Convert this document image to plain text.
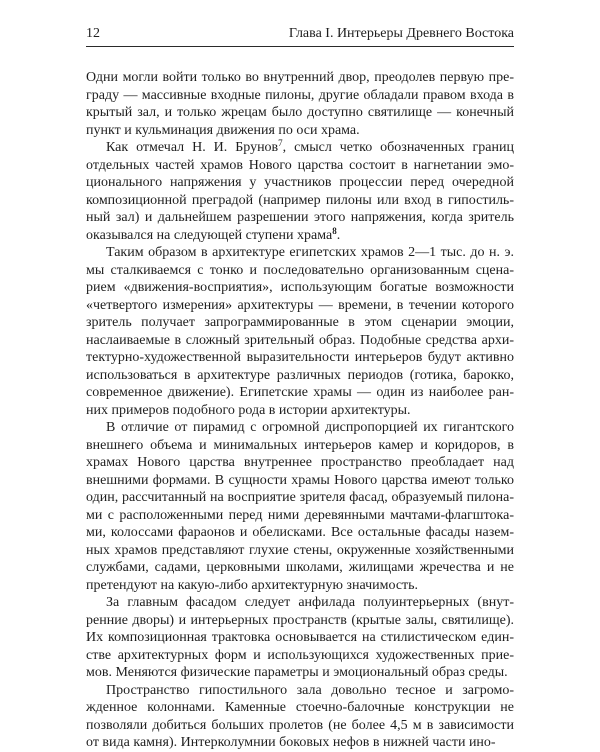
12	Глава I. Интерьеры Древнего Востока

Одни могли войти только во внутренний двор, преодолев первую преграду — массивные входные пилоны, другие обладали правом входа в крытый зал, и только жрецам было доступно святилище — конечный пункт и кульминация движения по оси храма.

Как отмечал Н. И. Брунов$^7$, смысл четко обозначенных границ отдельных частей храмов Нового царства состоит в нагнетании эмоционального напряжения у участников процессии перед очередной композиционной преградой (например пилоны или вход в гипостильный зал) и дальнейшем разрешении этого напряжения, когда зритель оказывался на следующей ступени храма$^8$.

Таким образом в архитектуре египетских храмов 2—1 тыс. до н. э. мы сталкиваемся с тонко и последовательно организованным сценарием «движения-восприятия», использующим богатые возможности «четвертого измерения» архитектуры — времени, в течении которого зритель получает запрограммированные в этом сценарии эмоции, наслаиваемые в сложный зрительный образ. Подобные средства архитектурно-художественной выразительности интерьеров будут активно использоваться в архитектуре различных периодов (готика, барокко, современное движение). Египетские храмы — один из наиболее ранних примеров подобного рода в истории архитектуры.

В отличие от пирамид с огромной диспропорцией их гигантского внешнего объема и минимальных интерьеров камер и коридоров, в храмах Нового царства внутреннее пространство преобладает над внешними формами. В сущности храмы Нового царства имеют только один, рассчитанный на восприятие зрителя фасад, образуемый пилонами с расположенными перед ними деревянными мачтами-флагштоками, колоссами фараонов и обелисками. Все остальные фасады наземных храмов представляют глухие стены, окруженные хозяйственными службами, садами, церковными школами, жилищами жречества и не претендуют на какую-либо архитектурную значимость.

За главным фасадом следует анфилада полуинтерьерных (внутренние дворы) и интерьерных пространств (крытые залы, святилище). Их композиционная трактовка основывается на стилистическом единстве архитектурных форм и использующихся художественных приемов. Меняются физические параметры и эмоциональный образ среды.

Пространство гипостильного зала довольно тесное и загроможденное колоннами. Каменные стоечно-балочные конструкции не позволяли добиться больших пролетов (не более 4,5 м в зависимости от вида камня). Интерколумнии боковых нефов в нижней части ино-
